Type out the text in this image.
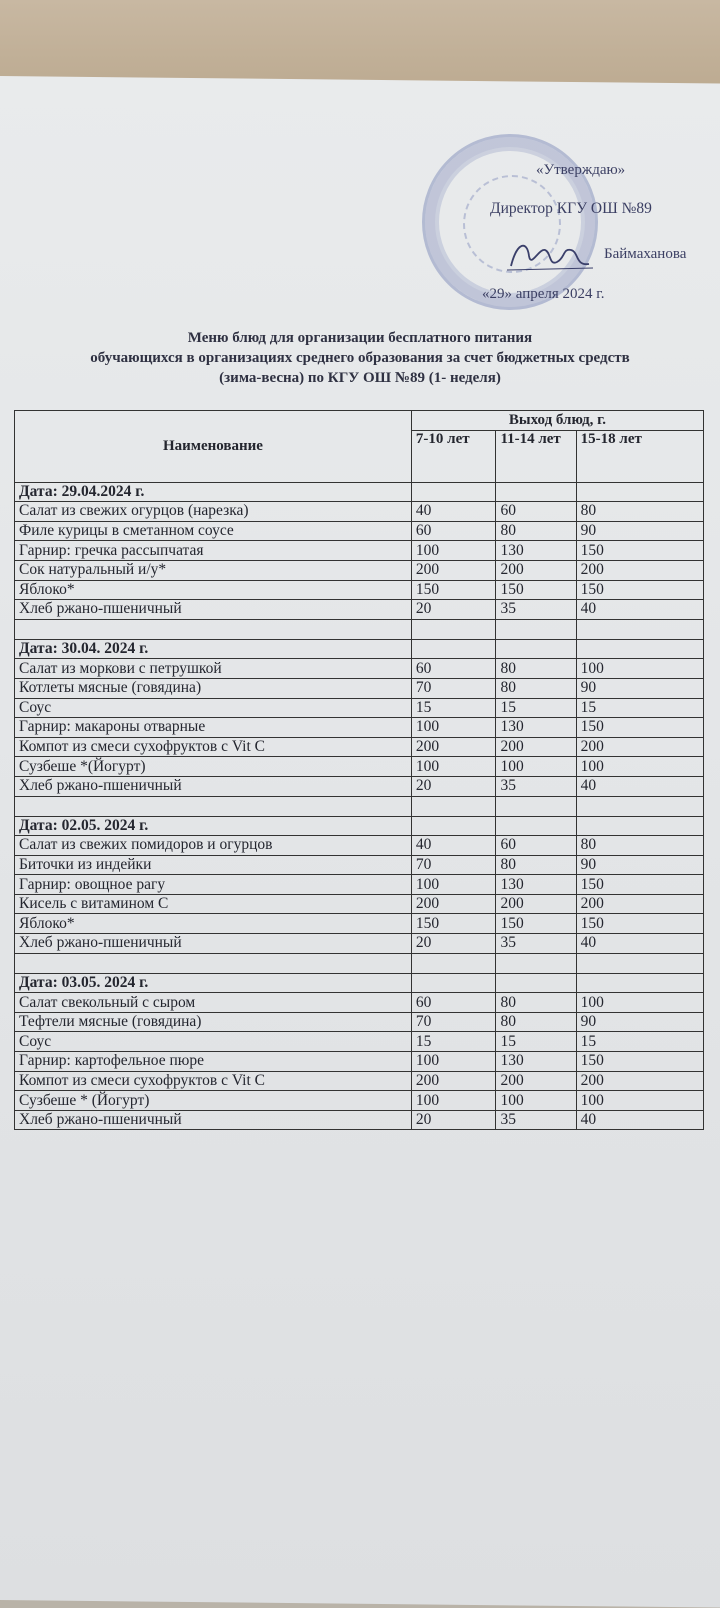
«Утверждаю»
Директор КГУ ОШ №89
Баймаханова
«29» апреля 2024 г.
Меню блюд для организации бесплатного питания
обучающихся в организациях среднего образования за счет бюджетных средств
(зима-весна) по КГУ ОШ №89 (1- неделя)
Наименование	Выход блюд, г.		
	7-10 лет	11-14 лет	15-18 лет
Дата: 29.04.2024 г.			
Салат из свежих огурцов (нарезка)	40	60	80
Филе курицы в сметанном соусе	60	80	90
Гарнир: гречка рассыпчатая	100	130	150
Сок натуральный и/у*	200	200	200
Яблоко*	150	150	150
Хлеб ржано-пшеничный	20	35	40

Дата: 30.04. 2024 г.			
Салат из моркови с петрушкой	60	80	100
Котлеты мясные (говядина)	70	80	90
Соус	15	15	15
Гарнир: макароны отварные	100	130	150
Компот из смеси сухофруктов с Vit C	200	200	200
Сузбеше *(Йогурт)	100	100	100
Хлеб ржано-пшеничный	20	35	40

Дата: 02.05. 2024 г.			
Салат из свежих помидоров и огурцов	40	60	80
Биточки из индейки	70	80	90
Гарнир: овощное рагу	100	130	150
Кисель с витамином С	200	200	200
Яблоко*	150	150	150
Хлеб ржано-пшеничный	20	35	40

Дата: 03.05. 2024 г.			
Салат свекольный с сыром	60	80	100
Тефтели мясные (говядина)	70	80	90
Соус	15	15	15
Гарнир: картофельное пюре	100	130	150
Компот из смеси сухофруктов с Vit C	200	200	200
Сузбеше * (Йогурт)	100	100	100
Хлеб ржано-пшеничный	20	35	40
